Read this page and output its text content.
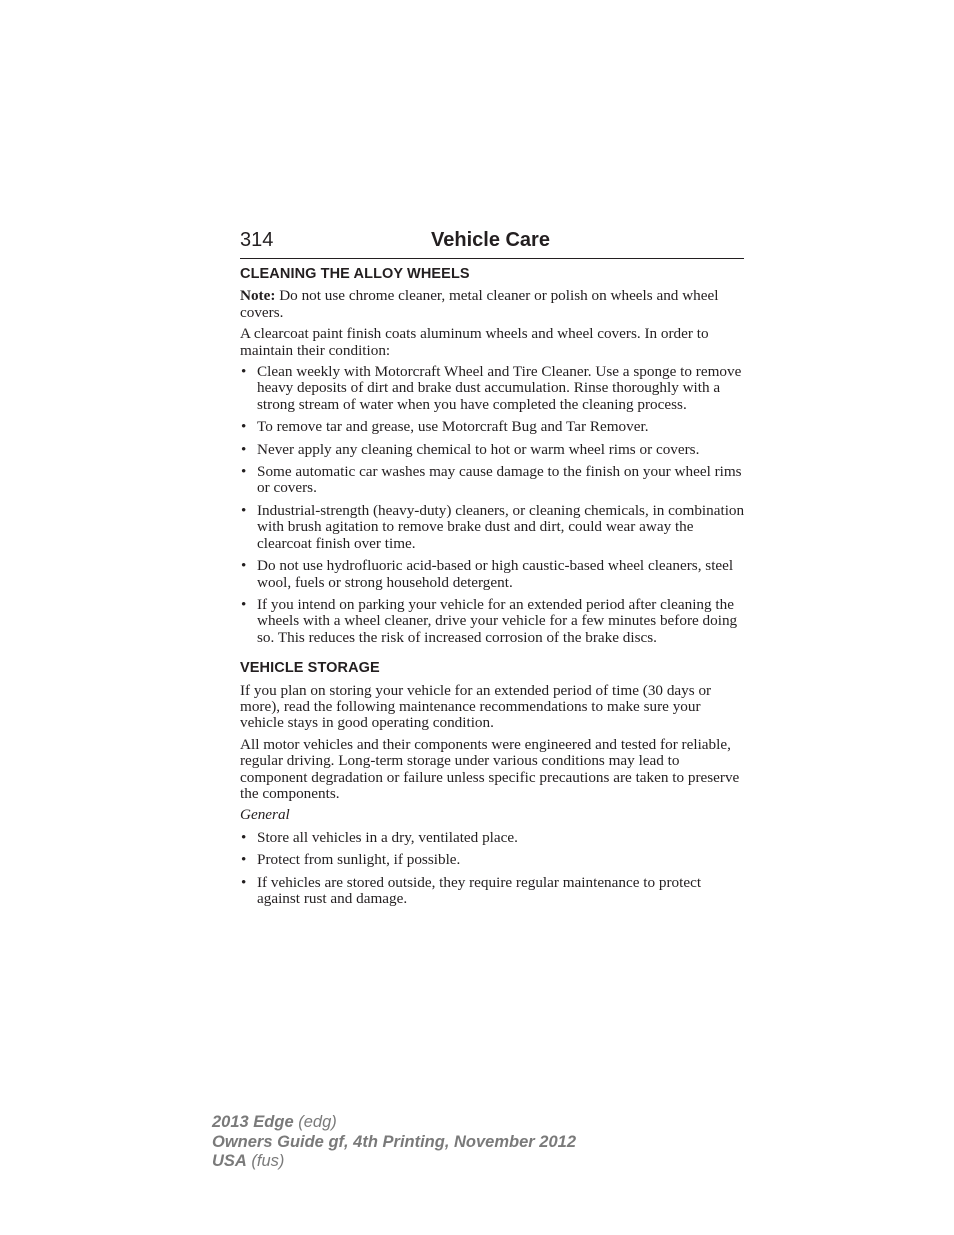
314	Vehicle Care
CLEANING THE ALLOY WHEELS

Note: Do not use chrome cleaner, metal cleaner or polish on wheels and wheel covers.

A clearcoat paint finish coats aluminum wheels and wheel covers. In order to maintain their condition:

• Clean weekly with Motorcraft Wheel and Tire Cleaner. Use a sponge to remove heavy deposits of dirt and brake dust accumulation. Rinse thoroughly with a strong stream of water when you have completed the cleaning process.
• To remove tar and grease, use Motorcraft Bug and Tar Remover.
• Never apply any cleaning chemical to hot or warm wheel rims or covers.
• Some automatic car washes may cause damage to the finish on your wheel rims or covers.
• Industrial-strength (heavy-duty) cleaners, or cleaning chemicals, in combination with brush agitation to remove brake dust and dirt, could wear away the clearcoat finish over time.
• Do not use hydrofluoric acid-based or high caustic-based wheel cleaners, steel wool, fuels or strong household detergent.
• If you intend on parking your vehicle for an extended period after cleaning the wheels with a wheel cleaner, drive your vehicle for a few minutes before doing so. This reduces the risk of increased corrosion of the brake discs.
VEHICLE STORAGE

If you plan on storing your vehicle for an extended period of time (30 days or more), read the following maintenance recommendations to make sure your vehicle stays in good operating condition.

All motor vehicles and their components were engineered and tested for reliable, regular driving. Long-term storage under various conditions may lead to component degradation or failure unless specific precautions are taken to preserve the components.

General

• Store all vehicles in a dry, ventilated place.
• Protect from sunlight, if possible.
• If vehicles are stored outside, they require regular maintenance to protect against rust and damage.
2013 Edge (edg)
Owners Guide gf, 4th Printing, November 2012
USA (fus)
